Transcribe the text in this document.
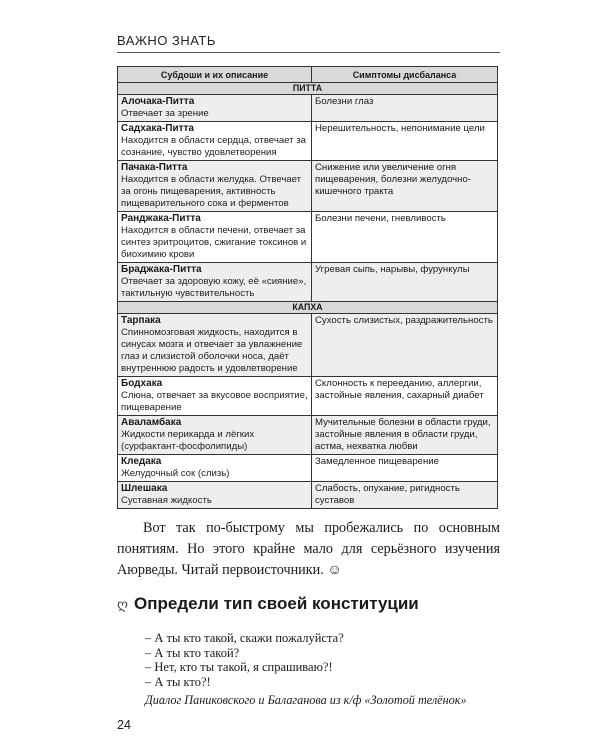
ВАЖНО ЗНАТЬ
Субдоши и их описание	Симптомы дисбаланса
ПИТТА	

Алочака-Питта
Отвечает за зрение	Болезни глаз

Садхака-Питта
Находится в области сердца, отвечает за сознание, чувство удовлетворения	Нерешительность, непонимание цели

Пачака-Питта
Находится в области желудка. Отвечает за огонь пищеварения, активность пищеварительного сока и ферментов	Снижение или увеличение огня пищеварения, болезни желудочно-кишечного тракта

Ранджака-Питта
Находится в области печени, отвечает за синтез эритроцитов, сжигание токсинов и биохимию крови	Болезни печени, гневливость

Браджака-Питта
Отвечает за здоровую кожу, её «сияние», тактильную чувствительность	Угревая сыпь, нарывы, фурункулы
КАПХА	

Тарпака
Спинномозговая жидкость, находится в синусах мозга и отвечает за увлажнение глаз и слизистой оболочки носа, даёт внутреннюю радость и удовлетворение	Сухость слизистых, раздражительность

Бодхака
Слюна, отвечает за вкусовое восприятие, пищеварение	Склонность к перееданию, аллергии, застойные явления, сахарный диабет

Аваламбака
Жидкости перикарда и лёгких (сурфактант-фосфолипиды)	Мучительные болезни в области груди, застойные явления в области груди, астма, нехватка любви

Кледака
Желудочный сок (слизь)	Замедленное пищеварение

Шлешака
Суставная жидкость	Слабость, опухание, ригидность суставов

Вот так по-быстрому мы пробежались по основным понятиям. Но этого крайне мало для серьёзного изучения Аюрведы. Читай первоисточники. ☺

ღ Определи тип своей конституции
– А ты кто такой, скажи пожалуйста?
– А ты кто такой?
– Нет, кто ты такой, я спрашиваю?!
– А ты кто?!
Диалог Паниковского и Балаганова из к/ф «Золотой телёнок»
24
